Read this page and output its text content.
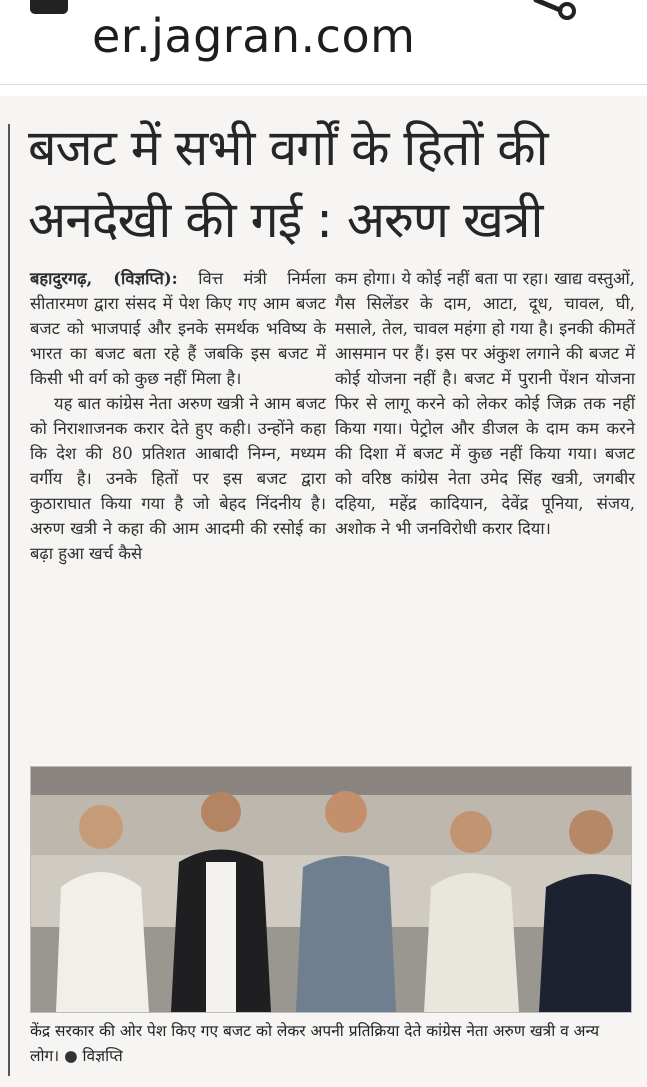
er.jagran.com
बजट में सभी वर्गों के हितों की अनदेखी की गई : अरुण खत्री

बहादुरगढ़, (विज्ञप्ति): वित्त मंत्री निर्मला सीतारमण द्वारा संसद में पेश किए गए आम बजट बजट को भाजपाई और इनके समर्थक भविष्य के भारत का बजट बता रहे हैं जबकि इस बजट में किसी भी वर्ग को कुछ नहीं मिला है।

यह बात कांग्रेस नेता अरुण खत्री ने आम बजट को निराशाजनक करार देते हुए कही। उन्होंने कहा कि देश की 80 प्रतिशत आबादी निम्न, मध्यम वर्गीय है। उनके हितों पर इस बजट द्वारा कुठाराघात किया गया है जो बेहद निंदनीय है। अरुण खत्री ने कहा की आम आदमी की रसोई का बढ़ा हुआ खर्च कैसे

कम होगा। ये कोई नहीं बता पा रहा। खाद्य वस्तुओं, गैस सिलेंडर के दाम, आटा, दूध, चावल, घी, मसाले, तेल, चावल महंगा हो गया है। इनकी कीमतें आसमान पर हैं। इस पर अंकुश लगाने की बजट में कोई योजना नहीं है। बजट में पुरानी पेंशन योजना फिर से लागू करने को लेकर कोई जिक्र तक नहीं किया गया। पेट्रोल और डीजल के दाम कम करने की दिशा में बजट में कुछ नहीं किया गया। बजट को वरिष्ठ कांग्रेस नेता उमेद सिंह खत्री, जगबीर दहिया, महेंद्र कादियान, देवेंद्र पूनिया, संजय, अशोक ने भी जनविरोधी करार दिया।

केंद्र सरकार की ओर पेश किए गए बजट को लेकर अपनी प्रतिक्रिया देते कांग्रेस नेता अरुण खत्री व अन्य लोग। ● विज्ञप्ति
